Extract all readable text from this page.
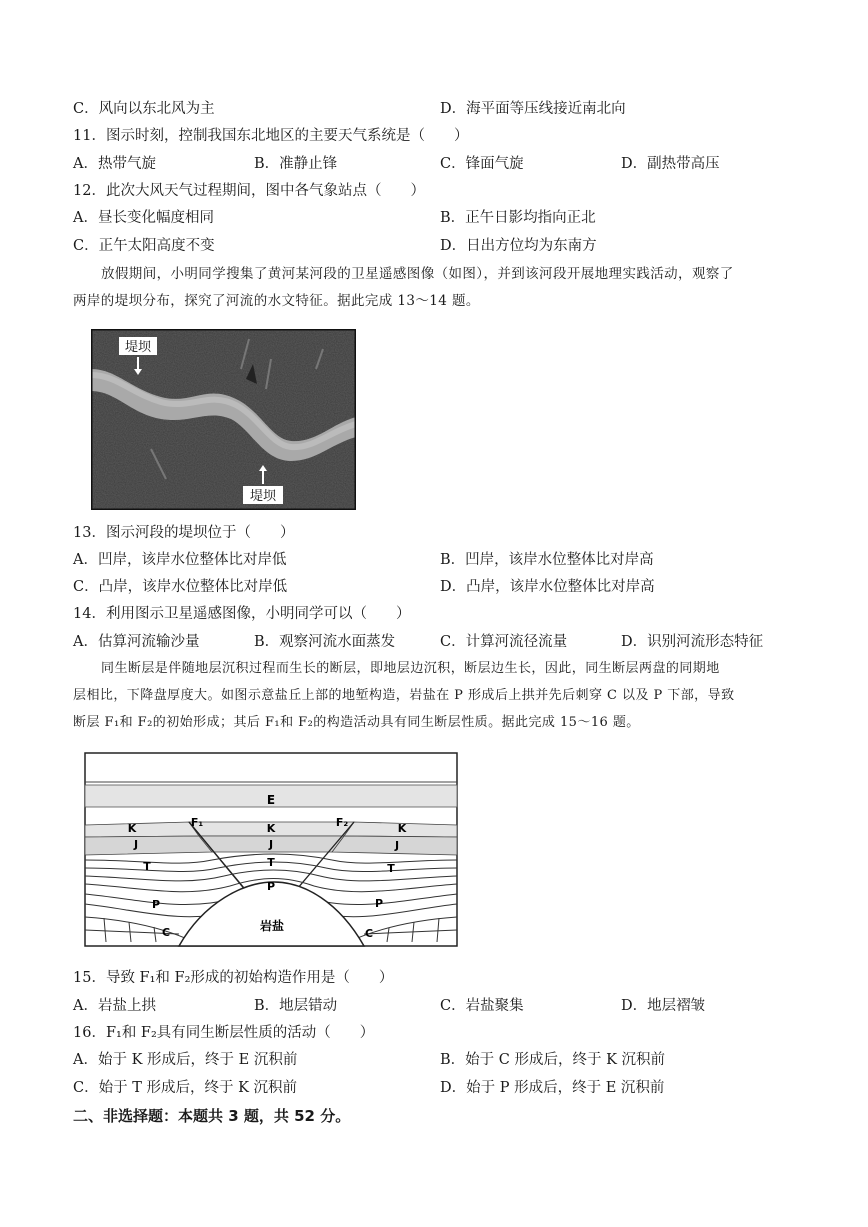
C．风向以东北风为主	D．海平面等压线接近南北向
11．图示时刻，控制我国东北地区的主要天气系统是（　　）
A．热带气旋	B．准静止锋	C．锋面气旋	D．副热带高压
12．此次大风天气过程期间，图中各气象站点（　　）
A．昼长变化幅度相同	B．正午日影均指向正北
C．正午太阳高度不变	D．日出方位均为东南方
放假期间，小明同学搜集了黄河某河段的卫星遥感图像（如图），并到该河段开展地理实践活动，观察了
两岸的堤坝分布，探究了河流的水文特征。据此完成 13～14 题。
堤坝
堤坝
13．图示河段的堤坝位于（　　）
A．凹岸，该岸水位整体比对岸低	B．凹岸，该岸水位整体比对岸高
C．凸岸，该岸水位整体比对岸低	D．凸岸，该岸水位整体比对岸高
14．利用图示卫星遥感图像，小明同学可以（　　）
A．估算河流输沙量	B．观察河流水面蒸发	C．计算河流径流量	D．识别河流形态特征
同生断层是伴随地层沉积过程而生长的断层，即地层边沉积，断层边生长，因此，同生断层两盘的同期地
层相比，下降盘厚度大。如图示意盐丘上部的地堑构造，岩盐在 P 形成后上拱并先后刺穿 C 以及 P 下部，导致
断层 F₁和 F₂的初始形成；其后 F₁和 F₂的构造活动具有同生断层性质。据此完成 15～16 题。
E
K	K	K
J	J	J
T	T	T
P
P
P
C	C
F₁	F₂
岩盐
15．导致 F₁和 F₂形成的初始构造作用是（　　）
A．岩盐上拱	B．地层错动	C．岩盐聚集	D．地层褶皱
16．F₁和 F₂具有同生断层性质的活动（　　）
A．始于 K 形成后，终于 E 沉积前	B．始于 C 形成后，终于 K 沉积前
C．始于 T 形成后，终于 K 沉积前	D．始于 P 形成后，终于 E 沉积前
二、非选择题：本题共 3 题，共 52 分。
